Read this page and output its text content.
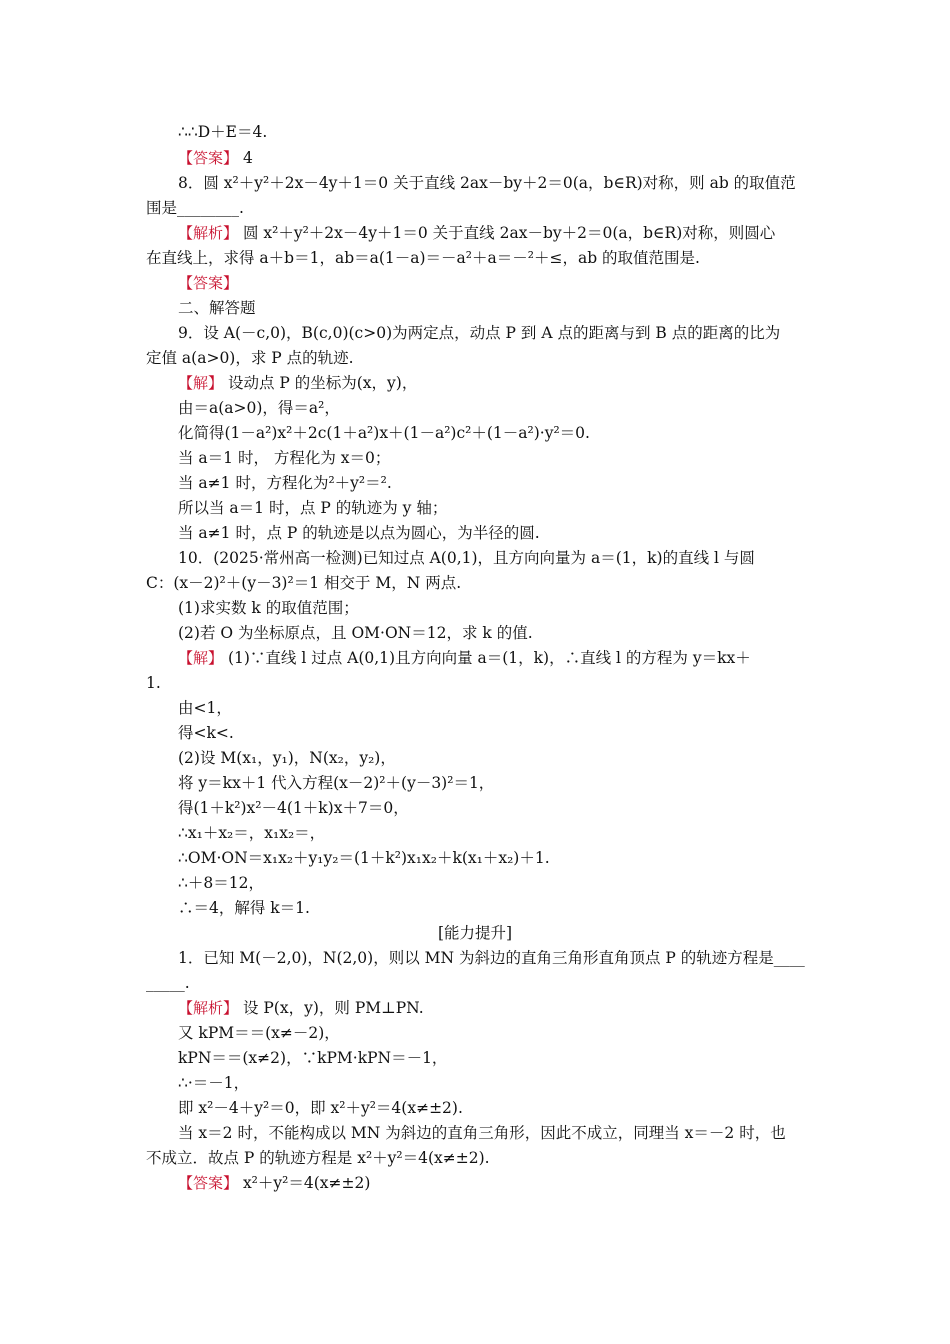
∴∴D＋E＝4.
【答案】 4
8．圆 x²＋y²＋2x－4y＋1＝0 关于直线 2ax－by＋2＝0(a，b∈R)对称，则 ab 的取值范
围是________.
【解析】 圆 x²＋y²＋2x－4y＋1＝0 关于直线 2ax－by＋2＝0(a，b∈R)对称，则圆心
在直线上，求得 a＋b＝1，ab＝a(1－a)＝－a²＋a＝－²＋≤，ab 的取值范围是.
【答案】
二、解答题
9．设 A(－c,0)，B(c,0)(c>0)为两定点，动点 P 到 A 点的距离与到 B 点的距离的比为
定值 a(a>0)，求 P 点的轨迹.
【解】 设动点 P 的坐标为(x，y)，
由＝a(a>0)，得＝a²，
化简得(1－a²)x²＋2c(1＋a²)x＋(1－a²)c²＋(1－a²)·y²＝0.
当 a＝1 时， 方程化为 x＝0；
当 a≠1 时，方程化为²＋y²＝².
所以当 a＝1 时，点 P 的轨迹为 y 轴；
当 a≠1 时，点 P 的轨迹是以点为圆心，为半径的圆.
10．(2025·常州高一检测)已知过点 A(0,1)，且方向向量为 a＝(1，k)的直线 l 与圆
C：(x－2)²＋(y－3)²＝1 相交于 M，N 两点.
(1)求实数 k 的取值范围；
(2)若 O 为坐标原点，且 OM·ON＝12，求 k 的值.
【解】 (1)∵直线 l 过点 A(0,1)且方向向量 a＝(1，k)，∴直线 l 的方程为 y＝kx＋
1.
由<1，
得<k<.
(2)设 M(x₁，y₁)，N(x₂，y₂)，
将 y＝kx＋1 代入方程(x－2)²＋(y－3)²＝1，
得(1＋k²)x²－4(1＋k)x＋7＝0，
∴x₁＋x₂＝，x₁x₂＝，
∴OM·ON＝x₁x₂＋y₁y₂＝(1＋k²)x₁x₂＋k(x₁＋x₂)＋1.
∴＋8＝12，
∴＝4，解得 k＝1.
[能力提升]
1．已知 M(－2,0)，N(2,0)，则以 MN 为斜边的直角三角形直角顶点 P 的轨迹方程是____
_____.
【解析】 设 P(x，y)，则 PM⊥PN.
又 kPM＝＝(x≠－2)，
kPN＝＝(x≠2)，∵kPM·kPN＝－1，
∴·＝－1，
即 x²－4＋y²＝0，即 x²＋y²＝4(x≠±2).
当 x＝2 时，不能构成以 MN 为斜边的直角三角形，因此不成立，同理当 x＝－2 时，也
不成立．故点 P 的轨迹方程是 x²＋y²＝4(x≠±2).
【答案】 x²＋y²＝4(x≠±2)
